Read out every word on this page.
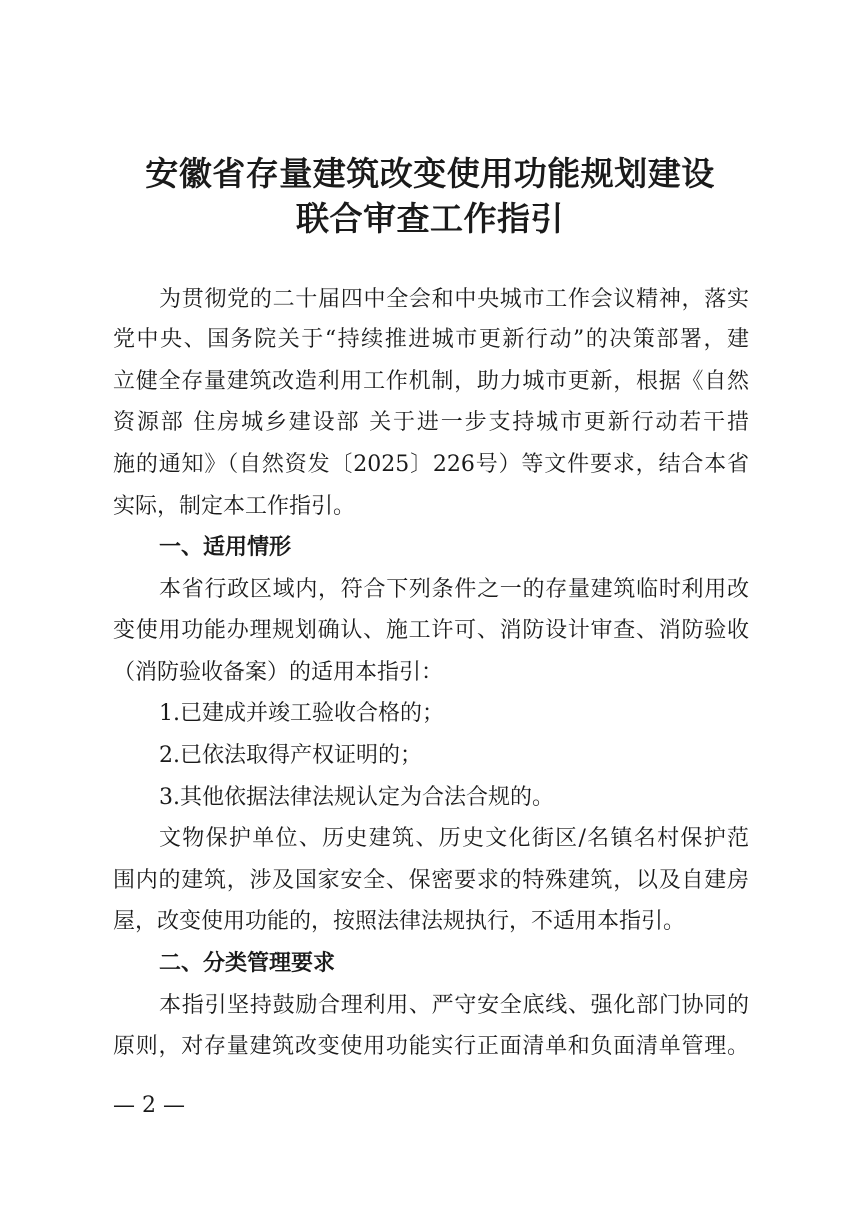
安徽省存量建筑改变使用功能规划建设
联合审查工作指引

为贯彻党的二十届四中全会和中央城市工作会议精神，落实

党中央、国务院关于“持续推进城市更新行动”的决策部署，建

立健全存量建筑改造利用工作机制，助力城市更新，根据《自然

资源部 住房城乡建设部 关于进一步支持城市更新行动若干措

施的通知》（自然资发〔2025〕226号）等文件要求，结合本省

实际，制定本工作指引。

一、适用情形

本省行政区域内，符合下列条件之一的存量建筑临时利用改

变使用功能办理规划确认、施工许可、消防设计审查、消防验收

（消防验收备案）的适用本指引：

1.已建成并竣工验收合格的；

2.已依法取得产权证明的；

3.其他依据法律法规认定为合法合规的。

文物保护单位、历史建筑、历史文化街区/名镇名村保护范

围内的建筑，涉及国家安全、保密要求的特殊建筑，以及自建房

屋，改变使用功能的，按照法律法规执行，不适用本指引。

二、分类管理要求

本指引坚持鼓励合理利用、严守安全底线、强化部门协同的

原则，对存量建筑改变使用功能实行正面清单和负面清单管理。

— 2 —
